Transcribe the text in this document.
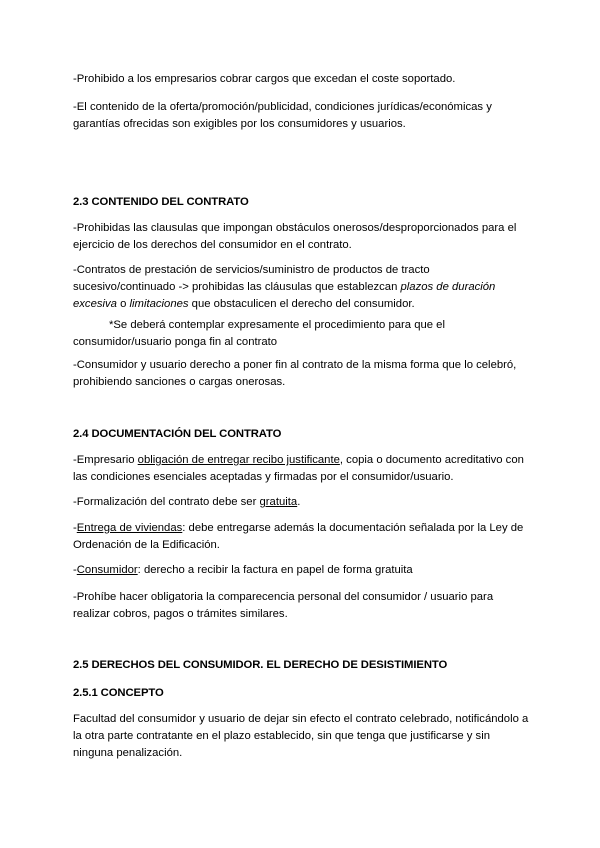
-Prohibido a los empresarios cobrar cargos que excedan el coste soportado.

-El contenido de la oferta/promoción/publicidad, condiciones jurídicas/económicas y garantías ofrecidas son exigibles por los consumidores y usuarios.

2.3 CONTENIDO DEL CONTRATO

-Prohibidas las clausulas que impongan obstáculos onerosos/desproporcionados para el ejercicio de los derechos del consumidor en el contrato.

-Contratos de prestación de servicios/suministro de productos de tracto sucesivo/continuado -> prohibidas las cláusulas que establezcan plazos de duración excesiva o limitaciones que obstaculicen el derecho del consumidor.

*Se deberá contemplar expresamente el procedimiento para que el consumidor/usuario ponga fin al contrato

-Consumidor y usuario derecho a poner fin al contrato de la misma forma que lo celebró, prohibiendo sanciones o cargas onerosas.

2.4 DOCUMENTACIÓN DEL CONTRATO

-Empresario obligación de entregar recibo justificante, copia o documento acreditativo con las condiciones esenciales aceptadas y firmadas por el consumidor/usuario.

-Formalización del contrato debe ser gratuita.

-Entrega de viviendas: debe entregarse además la documentación señalada por la Ley de Ordenación de la Edificación.

-Consumidor: derecho a recibir la factura en papel de forma gratuita

-Prohíbe hacer obligatoria la comparecencia personal del consumidor / usuario para realizar cobros, pagos o trámites similares.

2.5 DERECHOS DEL CONSUMIDOR. EL DERECHO DE DESISTIMIENTO

2.5.1 CONCEPTO

Facultad del consumidor y usuario de dejar sin efecto el contrato celebrado, notificándolo a la otra parte contratante en el plazo establecido, sin que tenga que justificarse y sin ninguna penalización.
